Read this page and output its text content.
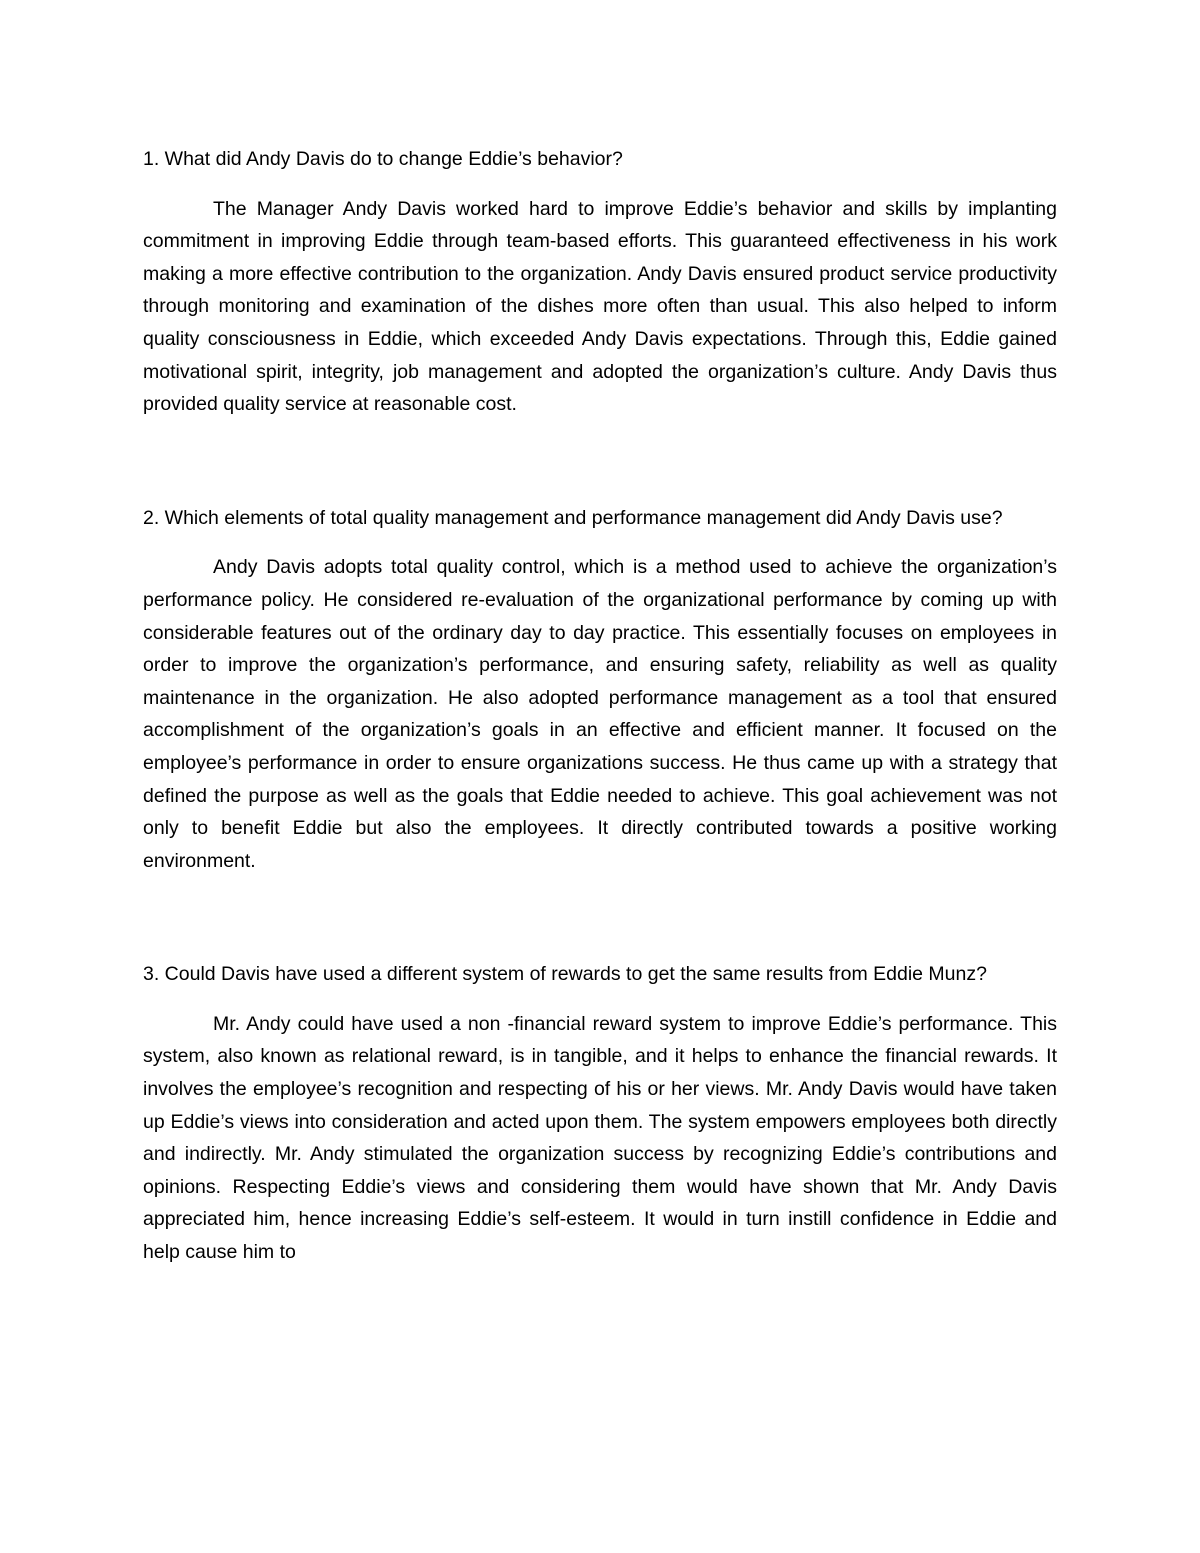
1. What did Andy Davis do to change Eddie’s behavior?

The Manager Andy Davis worked hard to improve Eddie’s behavior and skills by implanting commitment in improving Eddie through team-based efforts. This guaranteed effectiveness in his work making a more effective contribution to the organization. Andy Davis ensured product service productivity through monitoring and examination of the dishes more often than usual. This also helped to inform quality consciousness in Eddie, which exceeded Andy Davis expectations. Through this, Eddie gained motivational spirit, integrity, job management and adopted the organization’s culture. Andy Davis thus provided quality service at reasonable cost.

2. Which elements of total quality management and performance management did Andy Davis use?

Andy Davis adopts total quality control, which is a method used to achieve the organization’s performance policy. He considered re-evaluation of the organizational performance by coming up with considerable features out of the ordinary day to day practice. This essentially focuses on employees in order to improve the organization’s performance, and ensuring safety, reliability as well as quality maintenance in the organization. He also adopted performance management as a tool that ensured accomplishment of the organization’s goals in an effective and efficient manner. It focused on the employee’s performance in order to ensure organizations success. He thus came up with a strategy that defined the purpose as well as the goals that Eddie needed to achieve. This goal achievement was not only to benefit Eddie but also the employees. It directly contributed towards a positive working environment.

3. Could Davis have used a different system of rewards to get the same results from Eddie Munz?

Mr. Andy could have used a non -financial reward system to improve Eddie’s performance. This system, also known as relational reward, is in tangible, and it helps to enhance the financial rewards. It involves the employee’s recognition and respecting of his or her views. Mr. Andy Davis would have taken up Eddie’s views into consideration and acted upon them. The system empowers employees both directly and indirectly. Mr. Andy stimulated the organization success by recognizing Eddie’s contributions and opinions. Respecting Eddie’s views and considering them would have shown that Mr. Andy Davis appreciated him, hence increasing Eddie’s self-esteem. It would in turn instill confidence in Eddie and help cause him to
